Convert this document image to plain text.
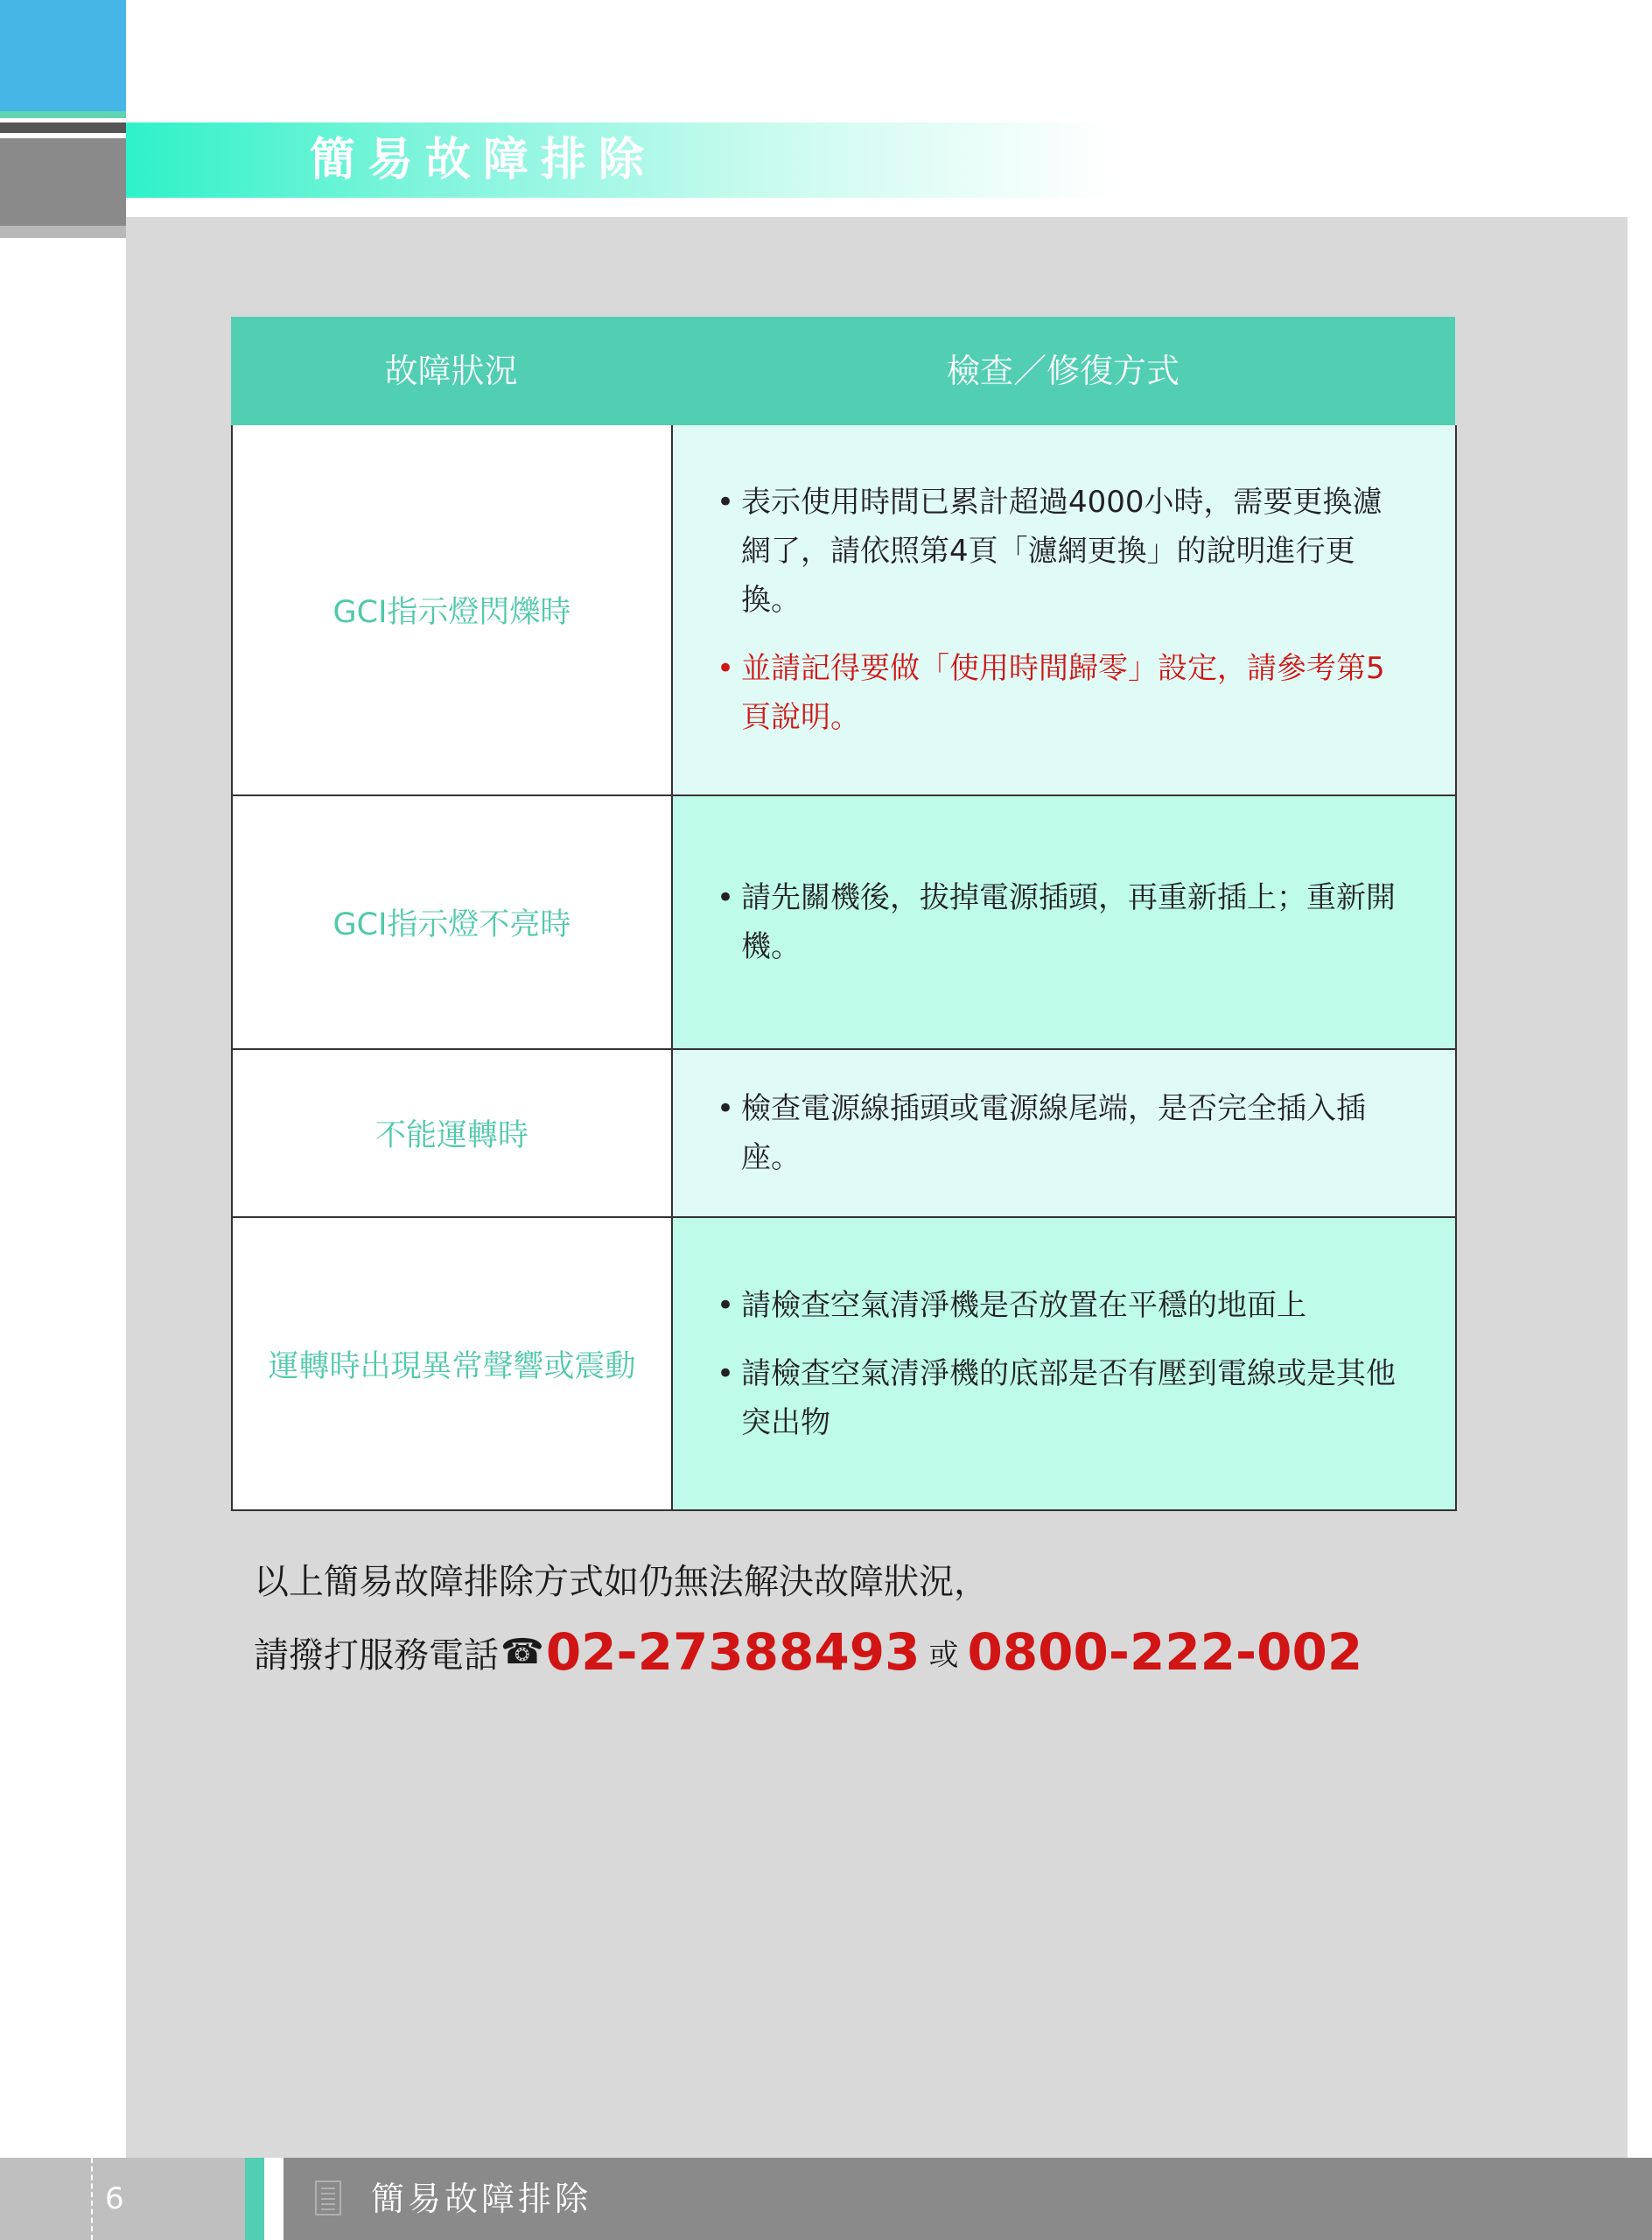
簡易故障排除
故障狀況	檢查／修復方式
GCI指示燈閃爍時
• 表示使用時間已累計超過4000小時，需要更換濾網了，請依照第4頁「濾網更換」的說明進行更換。
• 並請記得要做「使用時間歸零」設定，請參考第5頁說明。
GCI指示燈不亮時
• 請先關機後，拔掉電源插頭，再重新插上；重新開機。
不能運轉時
• 檢查電源線插頭或電源線尾端，是否完全插入插座。
運轉時出現異常聲響或震動
• 請檢查空氣清淨機是否放置在平穩的地面上
• 請檢查空氣清淨機的底部是否有壓到電線或是其他突出物
以上簡易故障排除方式如仍無法解決故障狀況，
請撥打服務電話 ☎ 02-27388493 或 0800-222-002
6	簡易故障排除
